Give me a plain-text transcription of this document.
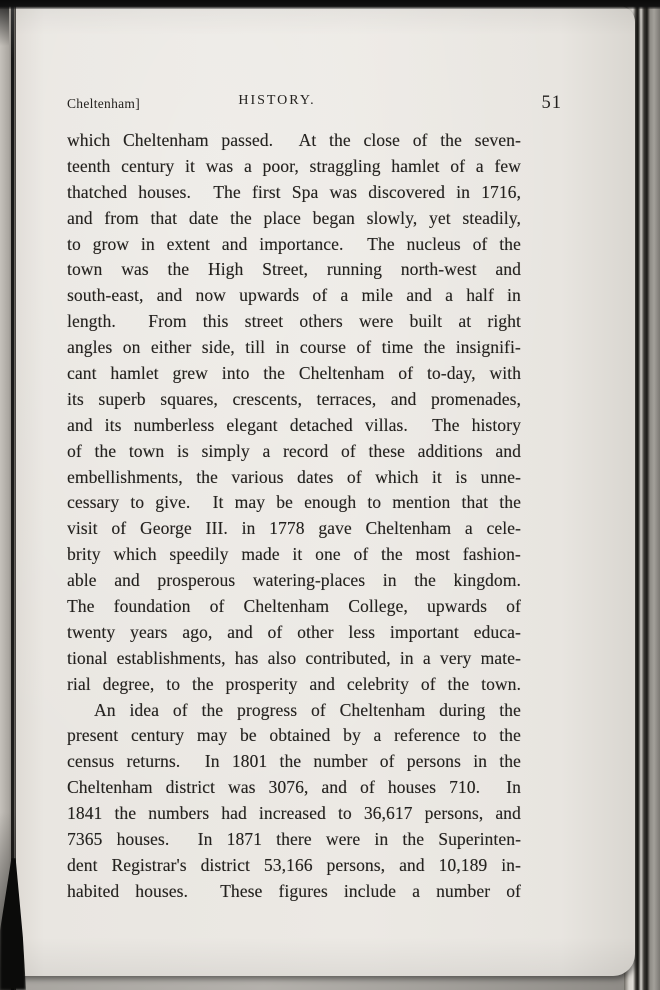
Cheltenham]	HISTORY.	51
which Cheltenham passed. At the close of the seven-
teenth century it was a poor, straggling hamlet of a few
thatched houses. The first Spa was discovered in 1716,
and from that date the place began slowly, yet steadily,
to grow in extent and importance. The nucleus of the
town was the High Street, running north-west and
south-east, and now upwards of a mile and a half in
length. From this street others were built at right
angles on either side, till in course of time the insignifi-
cant hamlet grew into the Cheltenham of to-day, with
its superb squares, crescents, terraces, and promenades,
and its numberless elegant detached villas. The history
of the town is simply a record of these additions and
embellishments, the various dates of which it is unne-
cessary to give. It may be enough to mention that the
visit of George III. in 1778 gave Cheltenham a cele-
brity which speedily made it one of the most fashion-
able and prosperous watering-places in the kingdom.
The foundation of Cheltenham College, upwards of
twenty years ago, and of other less important educa-
tional establishments, has also contributed, in a very mate-
rial degree, to the prosperity and celebrity of the town.
An idea of the progress of Cheltenham during the
present century may be obtained by a reference to the
census returns. In 1801 the number of persons in the
Cheltenham district was 3076, and of houses 710. In
1841 the numbers had increased to 36,617 persons, and
7365 houses. In 1871 there were in the Superinten-
dent Registrar's district 53,166 persons, and 10,189 in-
habited houses. These figures include a number of
